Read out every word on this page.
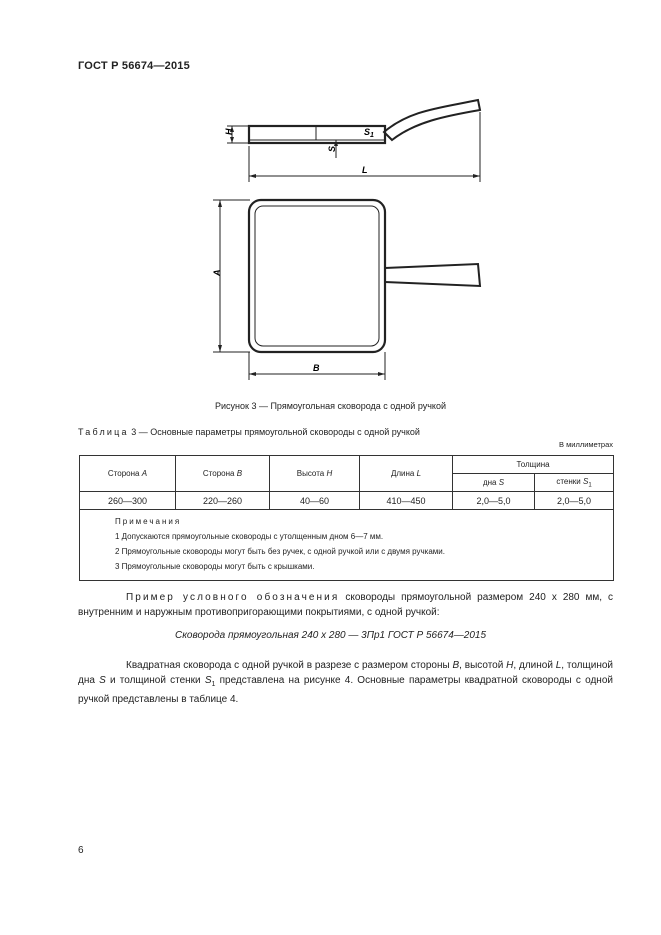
ГОСТ Р 56674—2015
H
S
$S_1$
L
A
B
Рисунок 3 — Прямоугольная сковорода с одной ручкой
Таблица 3 — Основные параметры прямоугольной сковороды с одной ручкой
В миллиметрах
Сторона A	Сторона B	Высота H	Длина L	Толщина	
				дна S	стенки $S_1$
260—300	220—260	40—60	410—450	2,0—5,0	2,0—5,0

Примечания
1 Допускаются прямоугольные сковороды с утолщенным дном 6—7 мм.
2 Прямоугольные сковороды могут быть без ручек, с одной ручкой или с двумя ручками.
3 Прямоугольные сковороды могут быть с крышками.					
Пример условного обозначения сковороды прямоугольной размером 240 x 280 мм, с внутренним и наружным противопригорающими покрытиями, с одной ручкой:
Сковорода прямоугольная 240 x 280 — 3Пр1 ГОСТ Р 56674—2015
Квадратная сковорода с одной ручкой в разрезе с размером стороны B, высотой H, длиной L, толщиной дна S и толщиной стенки $S_1$ представлена на рисунке 4. Основные параметры квадратной сковороды с одной ручкой представлены в таблице 4.
6
